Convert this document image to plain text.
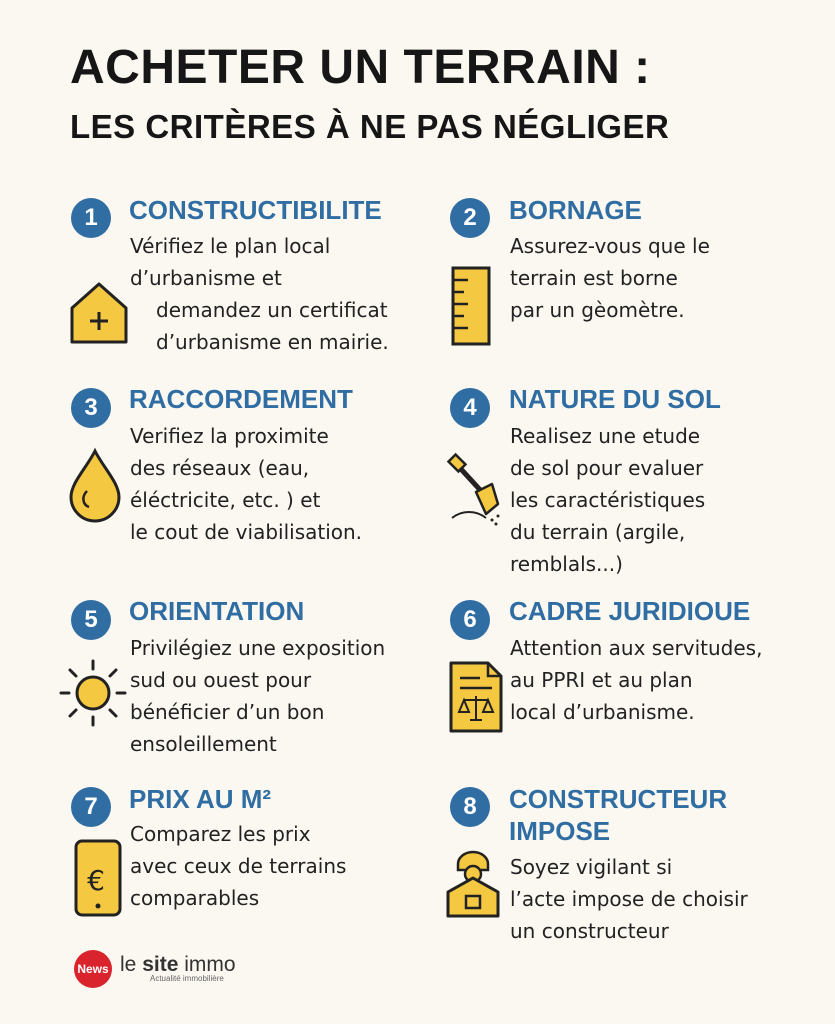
ACHETER UN TERRAIN :
LES CRITÈRES À NE PAS NÉGLIGER
1	CONSTRUCTIBILITE
Vérifiez le plan local
d’urbanisme et
demandez un certificat
d’urbanisme en mairie.
2	BORNAGE
Assurez-vous que le
terrain est borne
par un gèomètre.
3	RACCORDEMENT
Verifiez la proximite
des réseaux (eau,
éléctricite, etc. ) et
le cout de viabilisation.
4	NATURE DU SOL
Realisez une etude
de sol pour evaluer
les caractéristiques
du terrain (argile,
remblals...)
5	ORIENTATION
Privilégiez une exposition
sud ou ouest pour
bénéficier d’un bon
ensoleillement
6	CADRE JURIDIOUE
Attention aux servitudes,
au PPRI et au plan
local d’urbanisme.
7	PRIX AU M²
Comparez les prix
avec ceux de terrains
comparables
€
8	CONSTRUCTEUR
IMPOSE
Soyez vigilant si
l’acte impose de choisir
un constructeur
News le site immo
Actualité immobilière
